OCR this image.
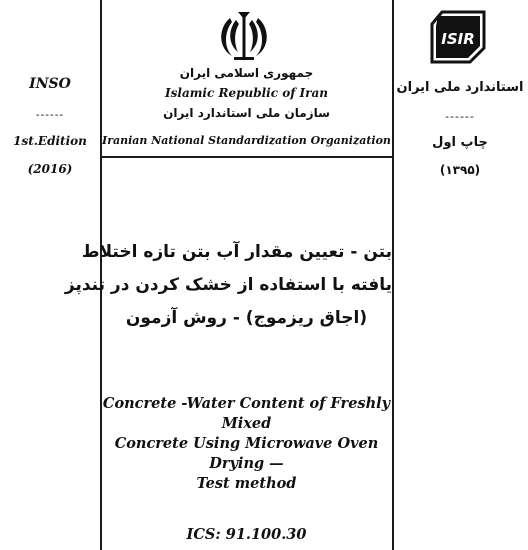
INSO
------
1st.Edition
(2016)
ISIR
استاندارد ملی ایران
------
چاپ اول
(۱۳۹۵)
جمهوری اسلامی ایران
Islamic Republic of Iran
سازمان ملی استاندارد ایران
Iranian National Standardization Organization
بتن - تعیین مقدار آب بتن تازه اختلاط
یافته با استفاده از خشک‌ کردن در تندپز
(اجاق ریزموج) - روش آزمون
Concrete -Water Content of Freshly Mixed
Concrete Using Microwave Oven Drying —
Test method
ICS: 91.100.30
